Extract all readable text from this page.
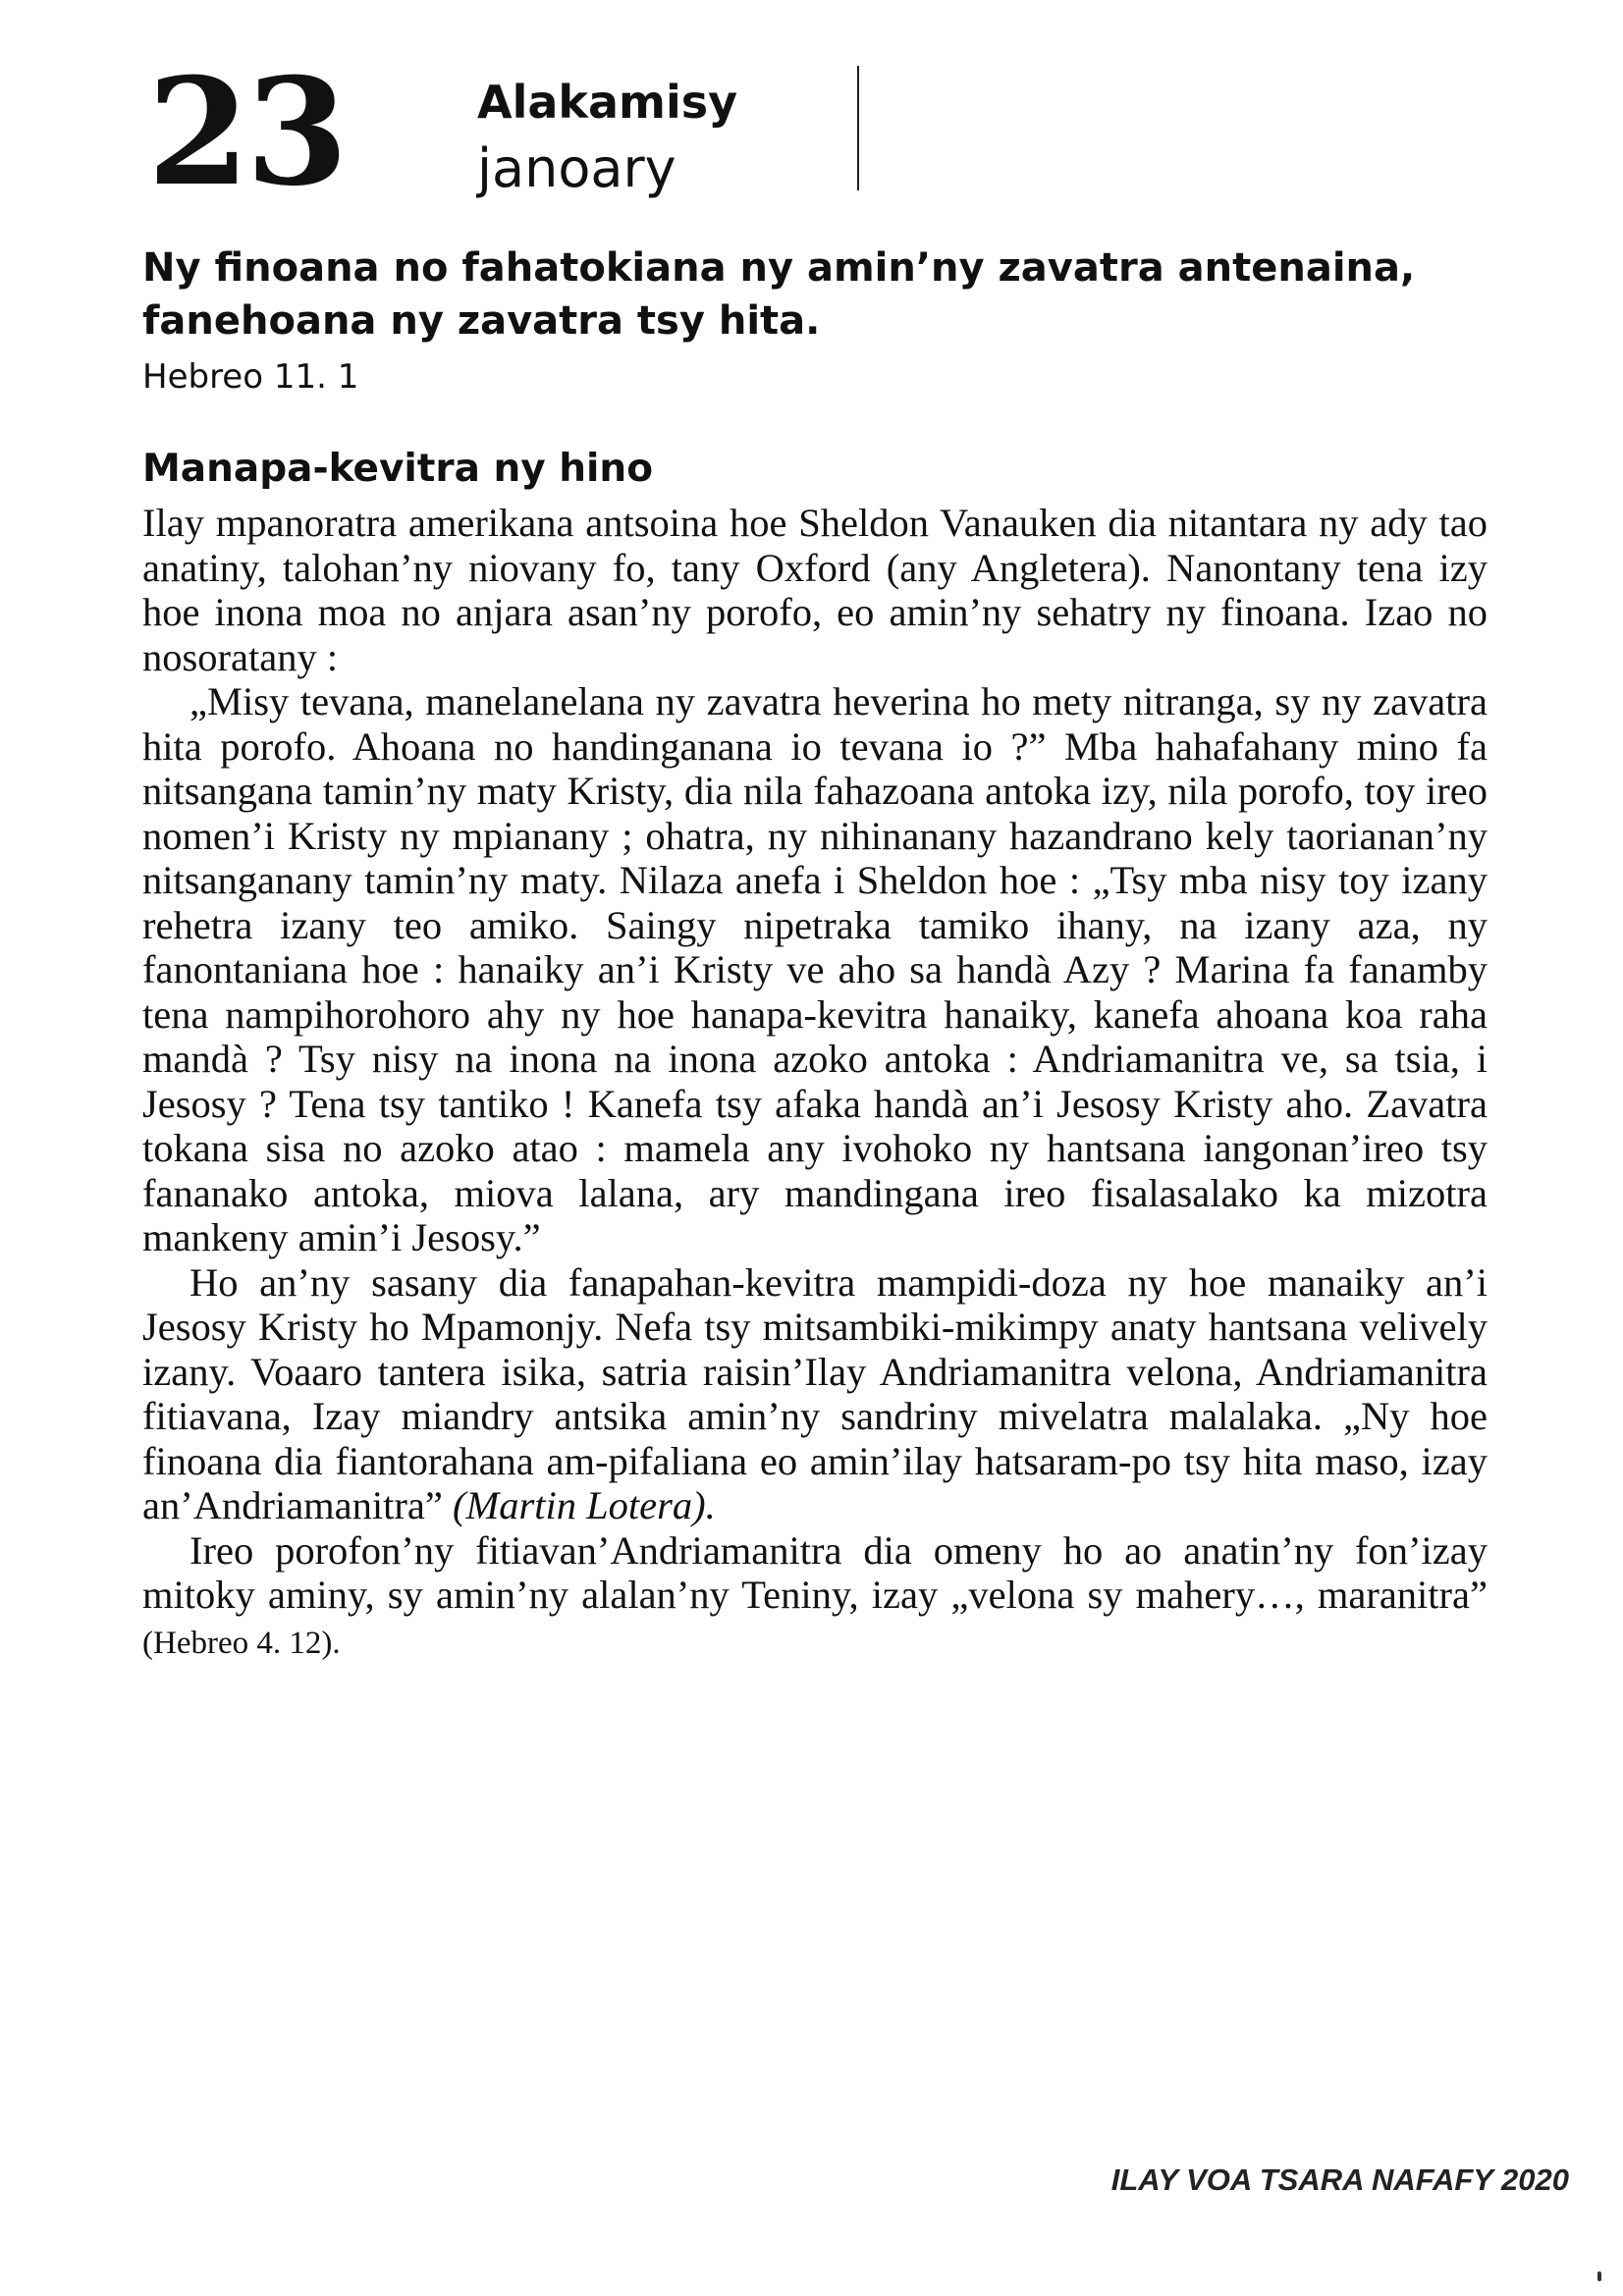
23	Alakamisy
janoary
Ny finoana no fahatokiana ny amin’ny zavatra antenaina, fanehoana ny zavatra tsy hita.
Hebreo 11. 1
Manapa-kevitra ny hino

Ilay mpanoratra amerikana antsoina hoe Sheldon Vanauken dia nitantara ny ady tao anatiny, talohan’ny niovany fo, tany Oxford (any Angletera). Nanontany tena izy hoe inona moa no anjara asan’ny porofo, eo amin’ny sehatry ny finoana. Izao no nosoratany :

„Misy tevana, manelanelana ny zavatra heverina ho mety nitranga, sy ny zavatra hita porofo. Ahoana no handinganana io tevana io ?” Mba hahafahany mino fa nitsangana tamin’ny maty Kristy, dia nila fahazoana antoka izy, nila porofo, toy ireo nomen’i Kristy ny mpianany ; ohatra, ny nihinanany hazandrano kely taorianan’ny nitsanganany tamin’ny maty. Nilaza anefa i Sheldon hoe : „Tsy mba nisy toy izany rehetra izany teo amiko. Saingy nipetraka tamiko ihany, na izany aza, ny fanontaniana hoe : hanaiky an’i Kristy ve aho sa handà Azy ? Marina fa fanamby tena nampihorohoro ahy ny hoe hanapa-kevitra hanaiky, kanefa ahoana koa raha mandà ? Tsy nisy na inona na inona azoko antoka : Andriamanitra ve, sa tsia, i Jesosy ? Tena tsy tantiko ! Kanefa tsy afaka handà an’i Jesosy Kristy aho. Zavatra tokana sisa no azoko atao : mamela any ivohoko ny hantsana iangonan’ireo tsy fananako antoka, miova lalana, ary mandingana ireo fisalasalako ka mizotra mankeny amin’i Jesosy.”

Ho an’ny sasany dia fanapahan-kevitra mampidi-doza ny hoe manaiky an’i Jesosy Kristy ho Mpamonjy. Nefa tsy mitsambiki-mikimpy anaty hantsana velively izany. Voaaro tantera isika, satria raisin’Ilay Andriamanitra velona, Andriamanitra fitiavana, Izay miandry antsika amin’ny sandriny mivelatra malalaka. „Ny hoe finoana dia fiantorahana am-pifaliana eo amin’ilay hatsaram-po tsy hita maso, izay an’Andriamanitra” (Martin Lotera).

Ireo porofon’ny fitiavan’Andriamanitra dia omeny ho ao anatin’ny fon’izay mitoky aminy, sy amin’ny alalan’ny Teniny, izay „velona sy mahery…, maranitra” (Hebreo 4. 12).

ILAY VOA TSARA NAFAFY 2020
